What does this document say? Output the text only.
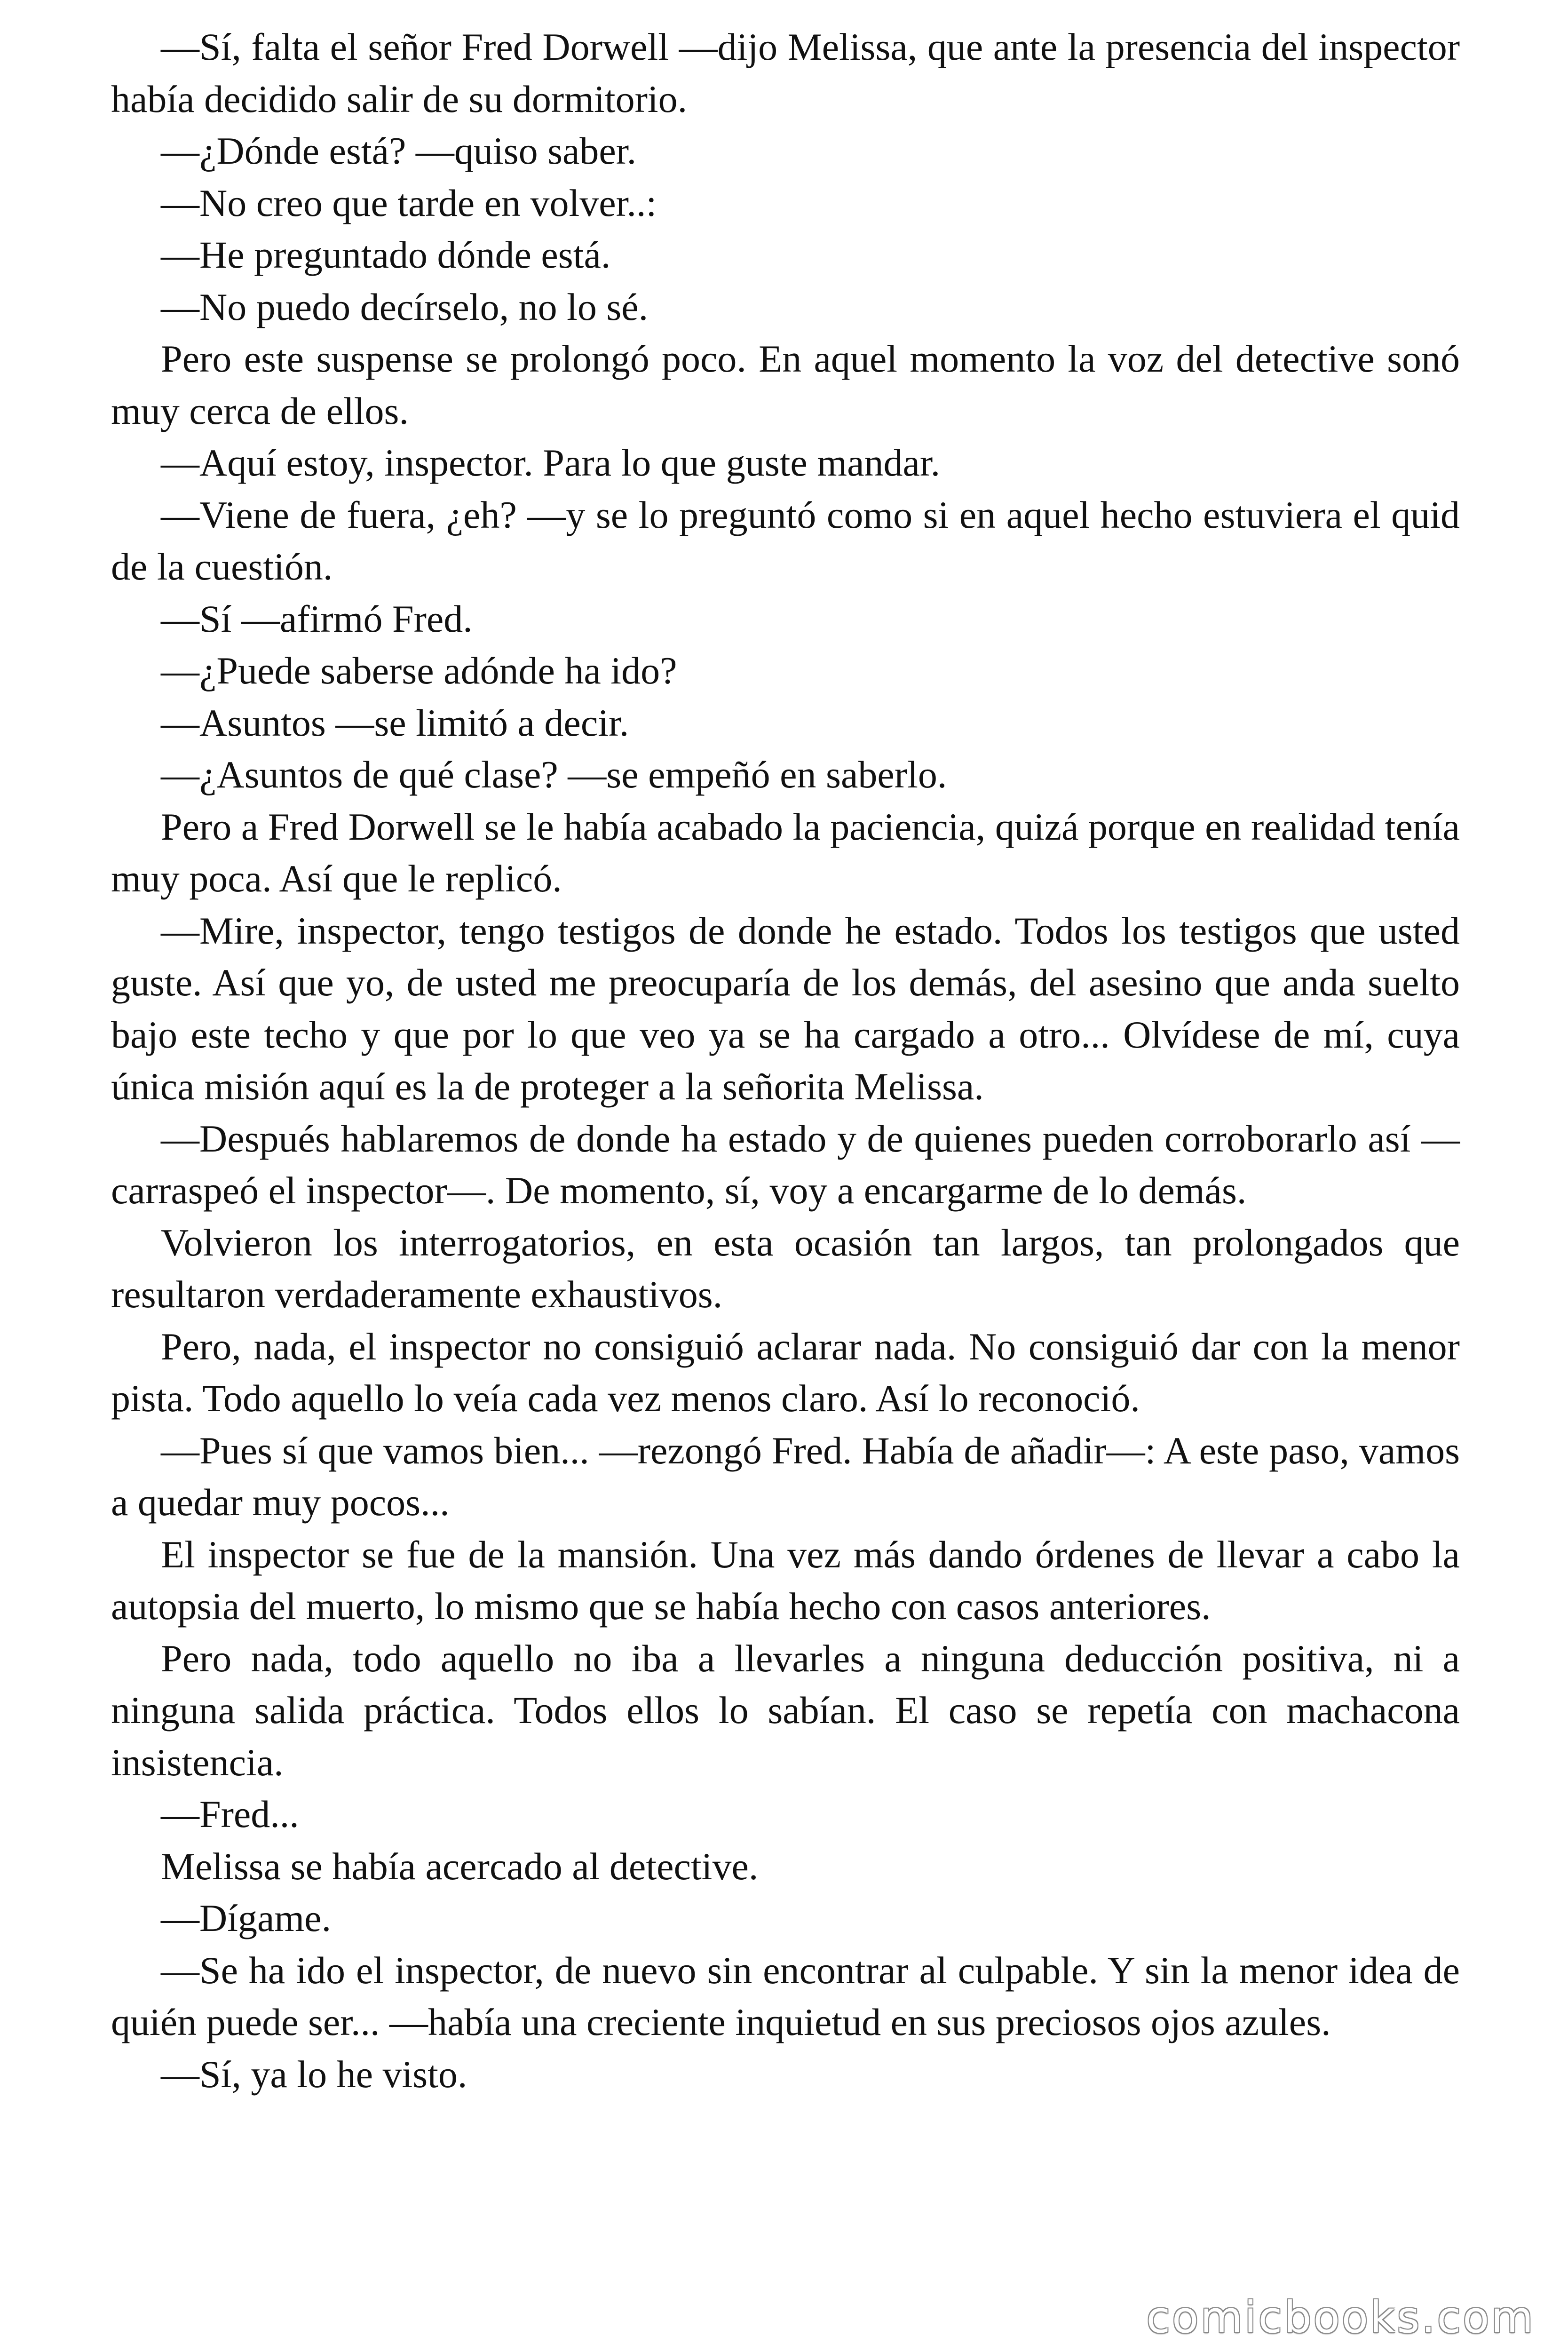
—Sí, falta el señor Fred Dorwell —dijo Melissa, que ante la presencia del inspector había decidido salir de su dormitorio.

—¿Dónde está? —quiso saber.

—No creo que tarde en volver..:

—He preguntado dónde está.

—No puedo decírselo, no lo sé.

Pero este suspense se prolongó poco. En aquel momento la voz del detective sonó muy cerca de ellos.

—Aquí estoy, inspector. Para lo que guste mandar.

—Viene de fuera, ¿eh? —y se lo preguntó como si en aquel hecho estuviera el quid de la cuestión.

—Sí —afirmó Fred.

—¿Puede saberse adónde ha ido?

—Asuntos —se limitó a decir.

—¿Asuntos de qué clase? —se empeñó en saberlo.

Pero a Fred Dorwell se le había acabado la paciencia, quizá porque en realidad tenía muy poca. Así que le replicó.

—Mire, inspector, tengo testigos de donde he estado. Todos los testigos que usted guste. Así que yo, de usted me preocuparía de los demás, del asesino que anda suelto bajo este techo y que por lo que veo ya se ha cargado a otro... Olvídese de mí, cuya única misión aquí es la de proteger a la señorita Melissa.

—Después hablaremos de donde ha estado y de quienes pueden corroborarlo así —carraspeó el inspector—. De momento, sí, voy a encargarme de lo demás.

Volvieron los interrogatorios, en esta ocasión tan largos, tan prolongados que resultaron verdaderamente exhaustivos.

Pero, nada, el inspector no consiguió aclarar nada. No consiguió dar con la menor pista. Todo aquello lo veía cada vez menos claro. Así lo reconoció.

—Pues sí que vamos bien... —rezongó Fred. Había de añadir—: A este paso, vamos a quedar muy pocos...

El inspector se fue de la mansión. Una vez más dando órdenes de llevar a cabo la autopsia del muerto, lo mismo que se había hecho con casos anteriores.

Pero nada, todo aquello no iba a llevarles a ninguna deducción positiva, ni a ninguna salida práctica. Todos ellos lo sabían. El caso se repetía con machacona insistencia.

—Fred...

Melissa se había acercado al detective.

—Dígame.

—Se ha ido el inspector, de nuevo sin encontrar al culpable. Y sin la menor idea de quién puede ser... —había una creciente inquietud en sus preciosos ojos azules.

—Sí, ya lo he visto.

comicbooks.com
